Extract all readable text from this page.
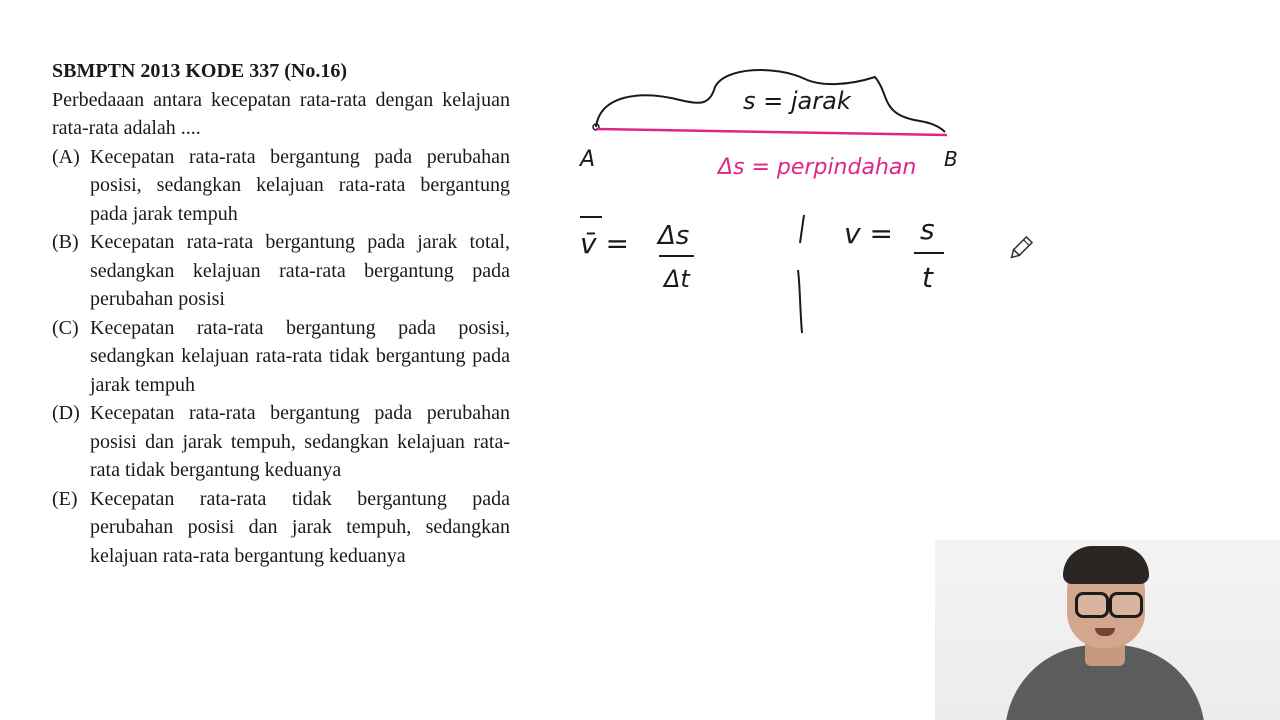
SBMPTN 2013 KODE 337 (No.16)
Perbedaaan antara kecepatan rata-rata dengan kelajuan rata-rata adalah ....
(A) Kecepatan rata-rata bergantung pada perubahan posisi, sedangkan kelajuan rata-rata bergantung pada jarak tempuh
(B) Kecepatan rata-rata bergantung pada jarak total, sedangkan kelajuan rata-rata bergantung pada perubahan posisi
(C) Kecepatan rata-rata bergantung pada posisi, sedangkan kelajuan rata-rata tidak bergantung pada jarak tempuh
(D) Kecepatan rata-rata bergantung pada perubahan posisi dan jarak tempuh, sedangkan kelajuan rata-rata tidak bergantung keduanya
(E) Kecepatan rata-rata tidak bergantung pada perubahan posisi dan jarak tempuh, sedangkan kelajuan rata-rata bergantung keduanya
A	B
s = jarak
Δs = perpindahan
v̄ = Δs
Δt
v = s
t
